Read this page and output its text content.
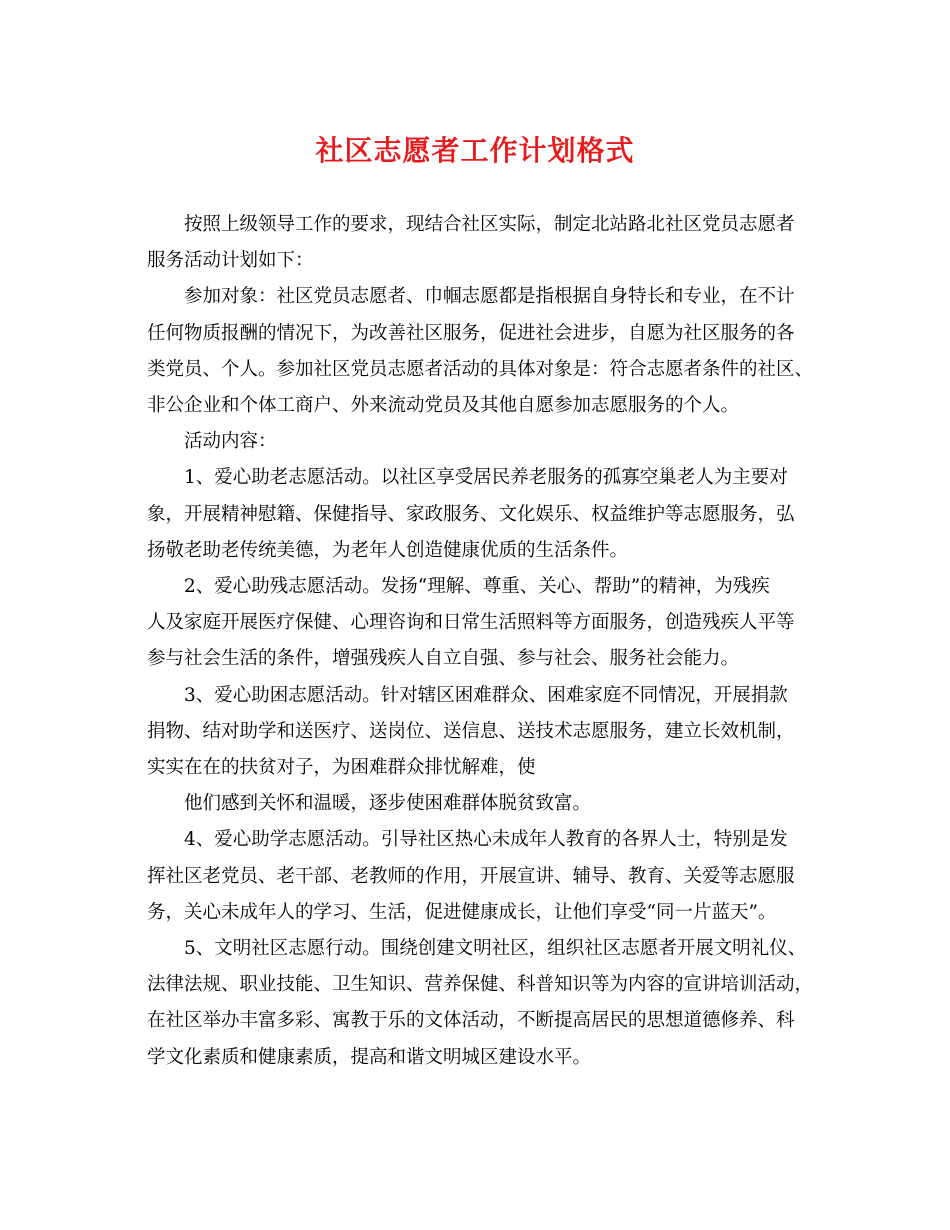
社区志愿者工作计划格式

按照上级领导工作的要求，现结合社区实际，制定北站路北社区党员志愿者
服务活动计划如下：

参加对象：社区党员志愿者、巾帼志愿都是指根据自身特长和专业，在不计
任何物质报酬的情况下，为改善社区服务，促进社会进步，自愿为社区服务的各
类党员、个人。参加社区党员志愿者活动的具体对象是：符合志愿者条件的社区、
非公企业和个体工商户、外来流动党员及其他自愿参加志愿服务的个人。

活动内容：

1、爱心助老志愿活动。以社区享受居民养老服务的孤寡空巢老人为主要对
象，开展精神慰籍、保健指导、家政服务、文化娱乐、权益维护等志愿服务，弘
扬敬老助老传统美德，为老年人创造健康优质的生活条件。

2、爱心助残志愿活动。发扬“理解、尊重、关心、帮助”的精神，为残疾
人及家庭开展医疗保健、心理咨询和日常生活照料等方面服务，创造残疾人平等
参与社会生活的条件，增强残疾人自立自强、参与社会、服务社会能力。

3、爱心助困志愿活动。针对辖区困难群众、困难家庭不同情况，开展捐款
捐物、结对助学和送医疗、送岗位、送信息、送技术志愿服务，建立长效机制，
实实在在的扶贫对子，为困难群众排忧解难，使

他们感到关怀和温暖，逐步使困难群体脱贫致富。

4、爱心助学志愿活动。引导社区热心未成年人教育的各界人士，特别是发
挥社区老党员、老干部、老教师的作用，开展宣讲、辅导、教育、关爱等志愿服
务，关心未成年人的学习、生活，促进健康成长，让他们享受“同一片蓝天”。

5、文明社区志愿行动。围绕创建文明社区，组织社区志愿者开展文明礼仪、
法律法规、职业技能、卫生知识、营养保健、科普知识等为内容的宣讲培训活动，
在社区举办丰富多彩、寓教于乐的文体活动，不断提高居民的思想道德修养、科
学文化素质和健康素质，提高和谐文明城区建设水平。
